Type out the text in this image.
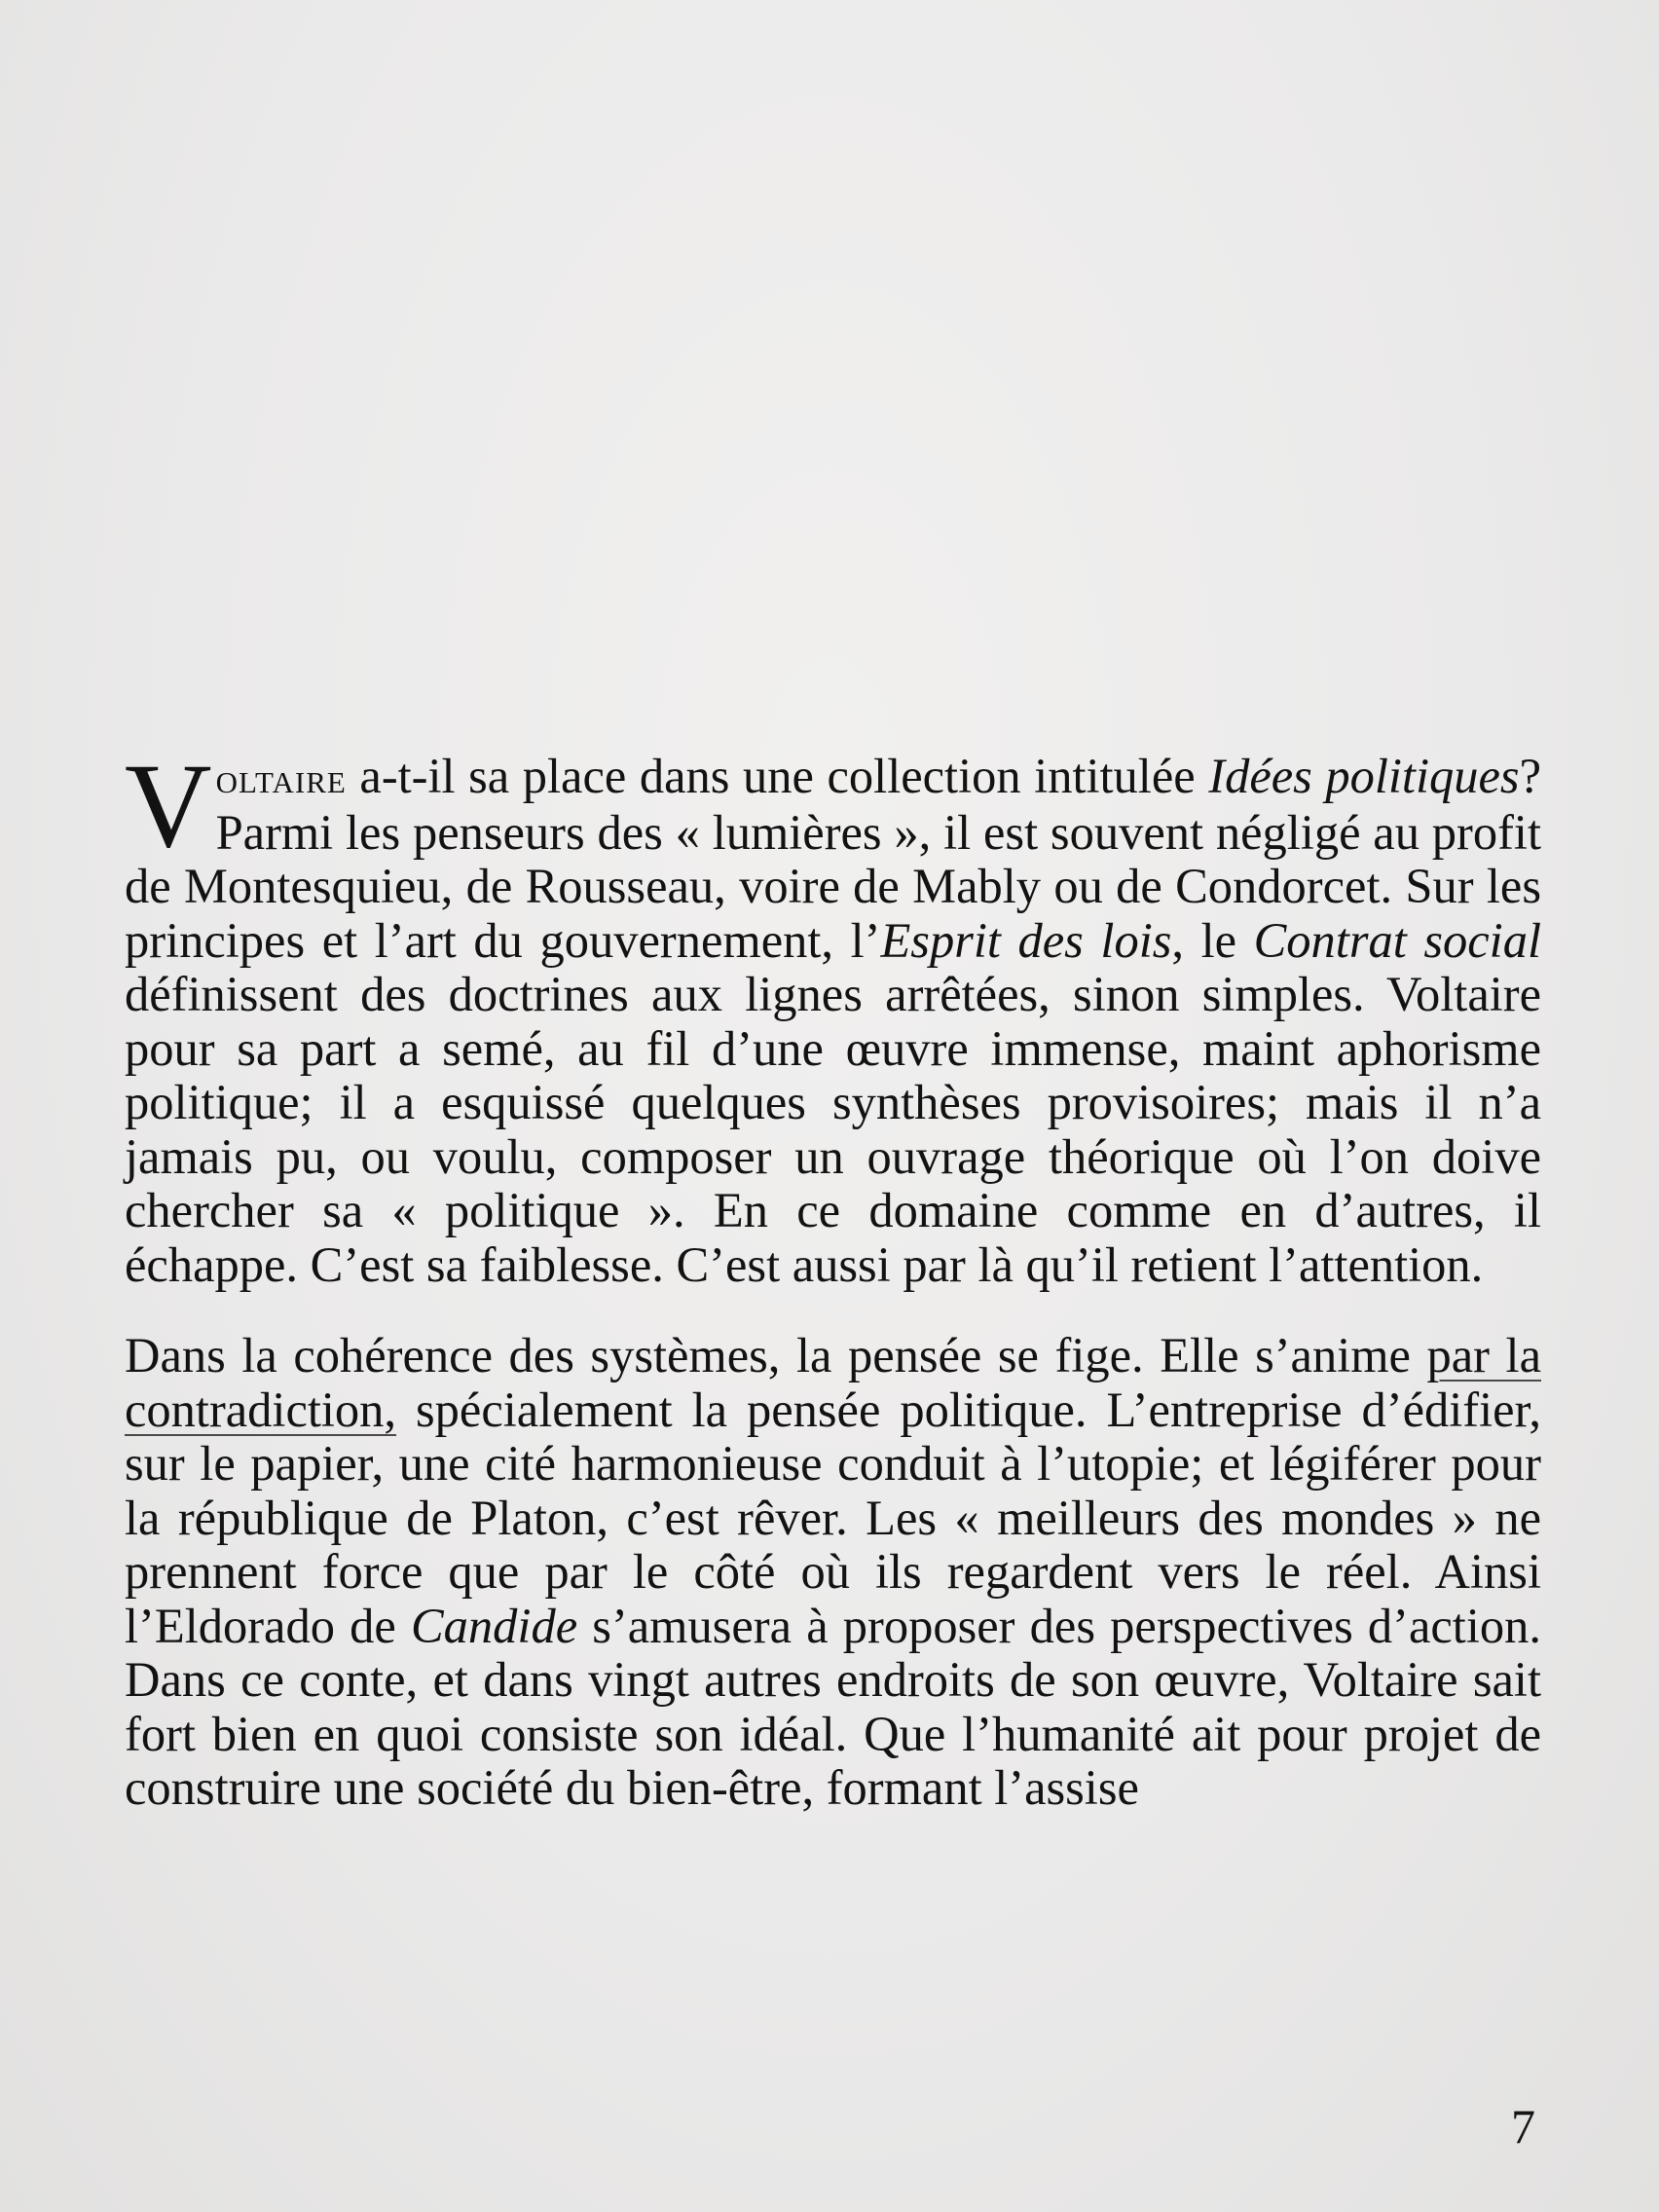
Voltaire a-t-il sa place dans une collection intitulée Idées politiques? Parmi les penseurs des « lumières », il est souvent négligé au profit de Montesquieu, de Rousseau, voire de Mably ou de Condorcet. Sur les principes et l’art du gouvernement, l’Esprit des lois, le Contrat social définissent des doctrines aux lignes arrêtées, sinon simples. Voltaire pour sa part a semé, au fil d’une œuvre immense, maint aphorisme politique; il a esquissé quelques synthèses provisoires; mais il n’a jamais pu, ou voulu, composer un ouvrage théorique où l’on doive chercher sa « politique ». En ce domaine comme en d’autres, il échappe. C’est sa faiblesse. C’est aussi par là qu’il retient l’attention.

Dans la cohérence des systèmes, la pensée se fige. Elle s’anime par la contradiction, spécialement la pensée politique. L’entreprise d’édifier, sur le papier, une cité harmonieuse conduit à l’utopie; et légiférer pour la république de Platon, c’est rêver. Les « meilleurs des mondes » ne prennent force que par le côté où ils regardent vers le réel. Ainsi l’Eldorado de Candide s’amusera à proposer des perspectives d’action. Dans ce conte, et dans vingt autres endroits de son œuvre, Voltaire sait fort bien en quoi consiste son idéal. Que l’humanité ait pour projet de construire une société du bien-être, formant l’assise

7
